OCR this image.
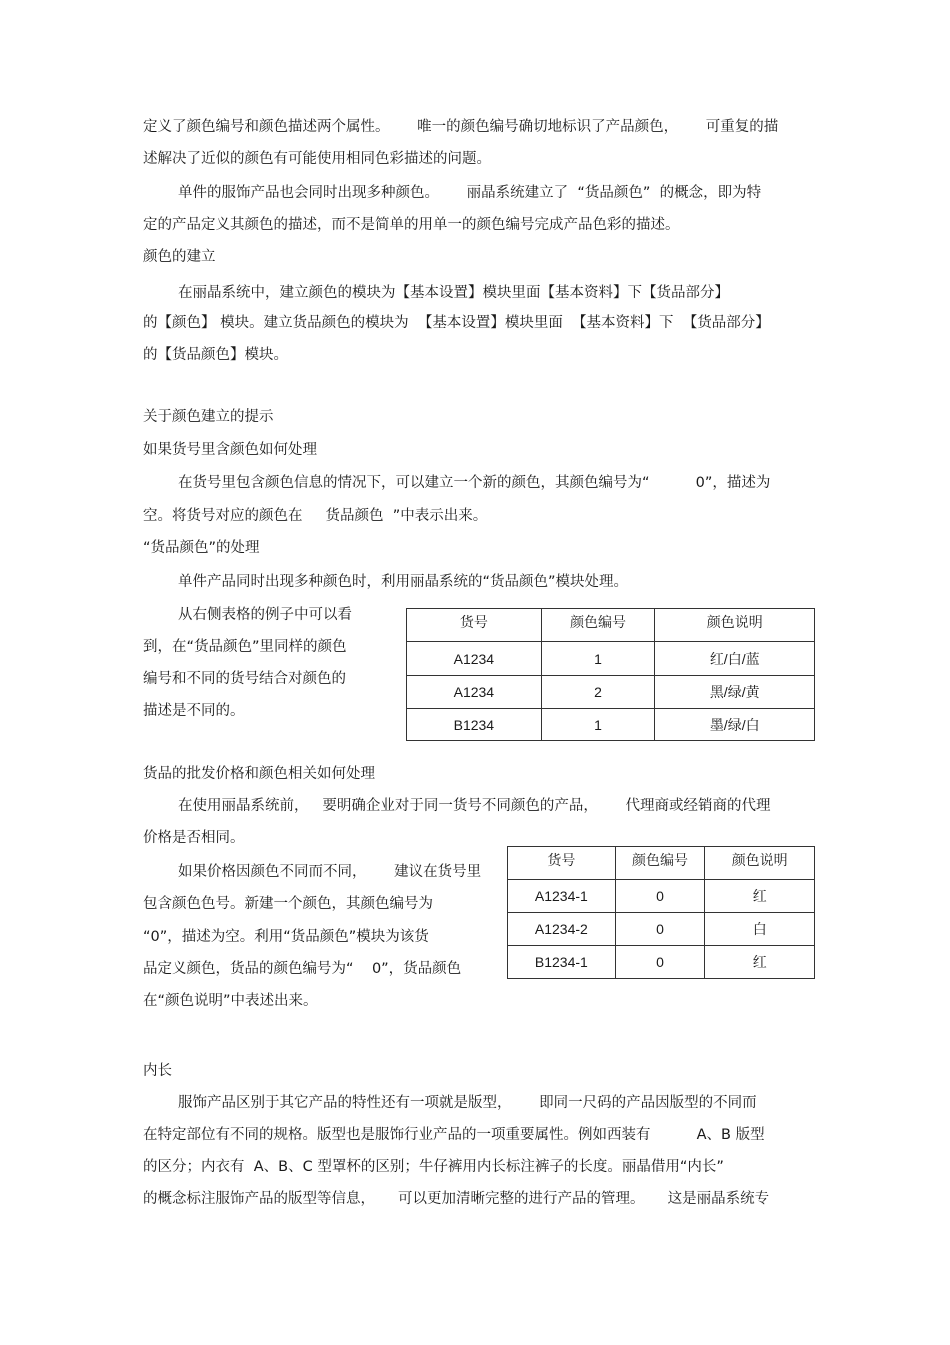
定义了颜色编号和颜色描述两个属性。      唯一的颜色编号确切地标识了产品颜色，      可重复的描
述解决了近似的颜色有可能使用相同色彩描述的问题。
单件的服饰产品也会同时出现多种颜色。      丽晶系统建立了  “货品颜色”  的概念，即为特
定的产品定义其颜色的描述，而不是简单的用单一的颜色编号完成产品色彩的描述。
颜色的建立
在丽晶系统中，建立颜色的模块为【基本设置】模块里面【基本资料】下【货品部分】
的【颜色】 模块。建立货品颜色的模块为  【基本设置】模块里面  【基本资料】下  【货品部分】
的【货品颜色】模块。
关于颜色建立的提示
如果货号里含颜色如何处理
在货号里包含颜色信息的情况下，可以建立一个新的颜色，其颜色编号为“          0”，描述为
空。将货号对应的颜色在     货品颜色  ”中表示出来。
“货品颜色”的处理
单件产品同时出现多种颜色时，利用丽晶系统的“货品颜色”模块处理。
从右侧表格的例子中可以看
到，在“货品颜色”里同样的颜色
编号和不同的货号结合对颜色的
描述是不同的。
货号	颜色编号	颜色说明
A1234	1	红/白/蓝
A1234	2	黑/绿/黄
B1234	1	墨/绿/白
货品的批发价格和颜色相关如何处理
在使用丽晶系统前，   要明确企业对于同一货号不同颜色的产品，      代理商或经销商的代理
价格是否相同。
如果价格因颜色不同而不同，      建议在货号里
包含颜色色号。新建一个颜色，其颜色编号为
“0”，描述为空。利用“货品颜色”模块为该货
品定义颜色，货品的颜色编号为“    0”，货品颜色
在“颜色说明”中表述出来。
货号	颜色编号	颜色说明
A1234-1	0	红
A1234-2	0	白
B1234-1	0	红
内长
服饰产品区别于其它产品的特性还有一项就是版型，      即同一尺码的产品因版型的不同而
在特定部位有不同的规格。版型也是服饰行业产品的一项重要属性。例如西装有          A、B 版型
的区分；内衣有  A、B、C 型罩杯的区别；牛仔裤用内长标注裤子的长度。丽晶借用“内长”
的概念标注服饰产品的版型等信息，     可以更加清晰完整的进行产品的管理。     这是丽晶系统专
